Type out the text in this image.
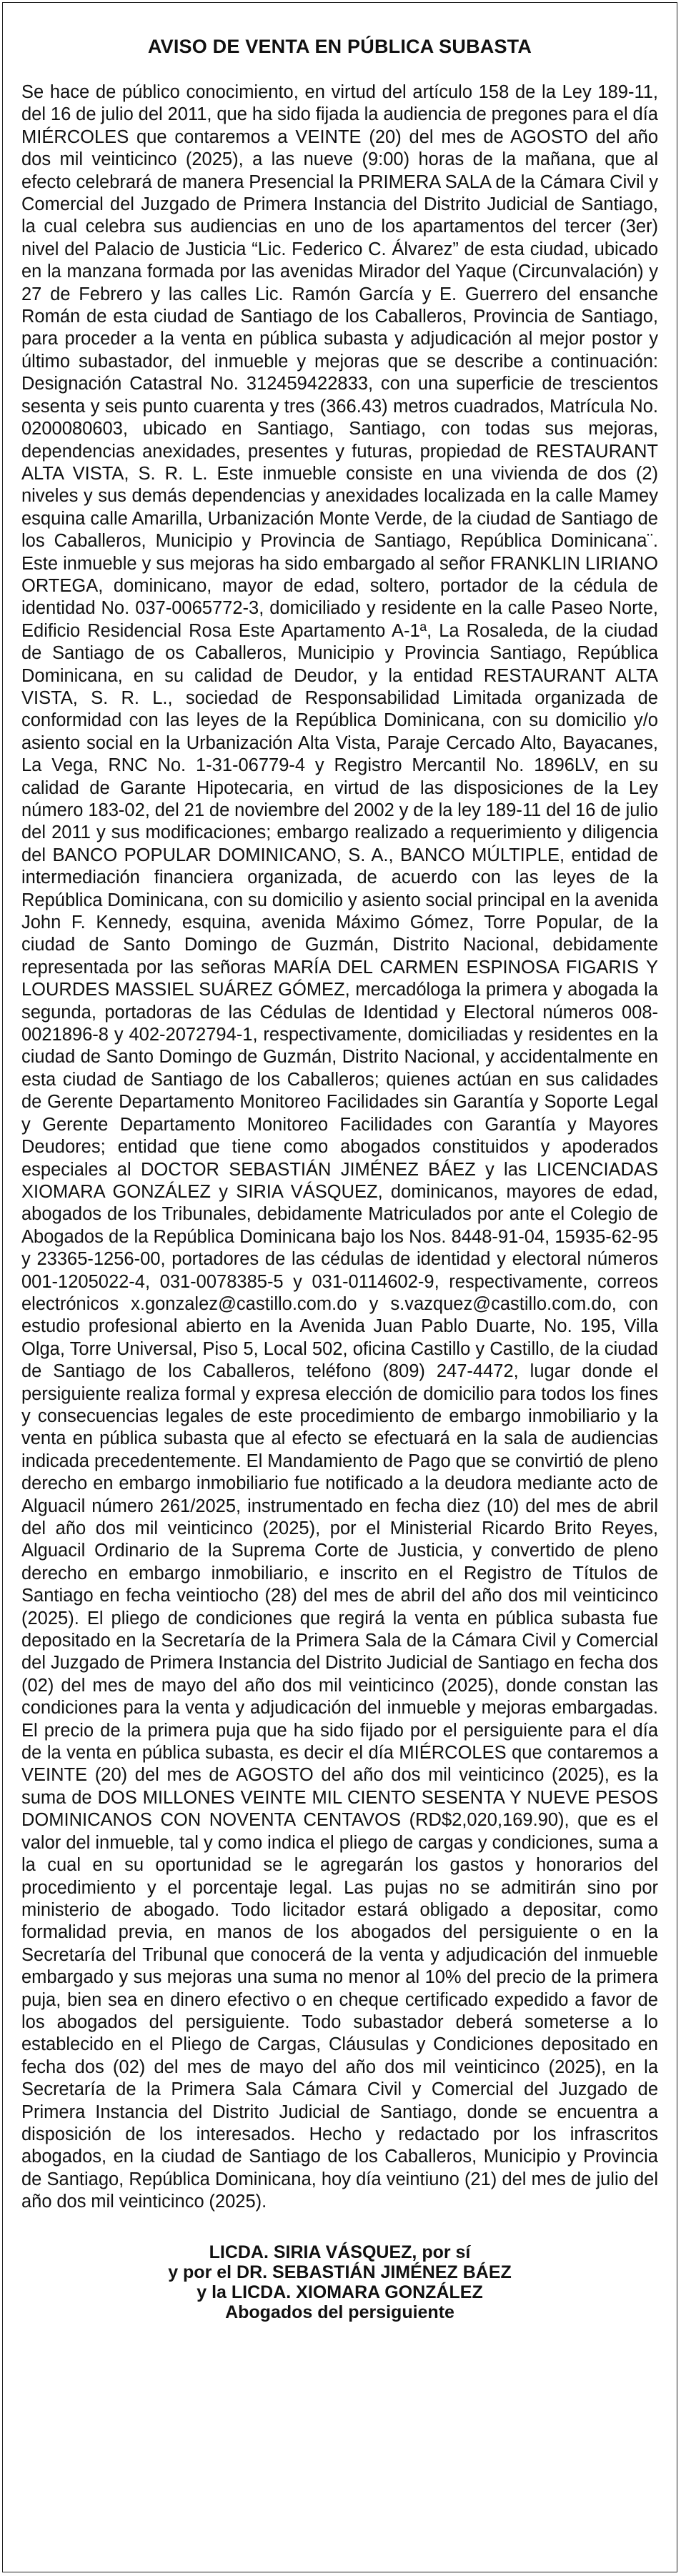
AVISO DE VENTA EN PÚBLICA SUBASTA

Se hace de público conocimiento, en virtud del artículo 158 de la Ley 189-11, del 16 de julio del 2011, que ha sido fijada la audiencia de pregones para el día MIÉRCOLES que contaremos a VEINTE (20) del mes de AGOSTO del año dos mil veinticinco (2025), a las nueve (9:00) horas de la mañana, que al efecto celebrará de manera Presencial la PRIMERA SALA de la Cámara Civil y Comercial del Juzgado de Primera Instancia del Distrito Judicial de Santiago, la cual celebra sus audiencias en uno de los apartamentos del tercer (3er) nivel del Palacio de Justicia “Lic. Federico C. Álvarez” de esta ciudad, ubicado en la manzana formada por las avenidas Mirador del Yaque (Circunvalación) y 27 de Febrero y las calles Lic. Ramón García y E. Guerrero del ensanche Román de esta ciudad de Santiago de los Caballeros, Provincia de Santiago, para proceder a la venta en pública subasta y adjudicación al mejor postor y último subastador, del inmueble y mejoras que se describe a continuación: Designación Catastral No. 312459422833, con una superficie de trescientos sesenta y seis punto cuarenta y tres (366.43) metros cuadrados, Matrícula No. 0200080603, ubicado en Santiago, Santiago, con todas sus mejoras, dependencias anexidades, presentes y futuras, propiedad de RESTAURANT ALTA VISTA, S. R. L. Este inmueble consiste en una vivienda de dos (2) niveles y sus demás dependencias y anexidades localizada en la calle Mamey esquina calle Amarilla, Urbanización Monte Verde, de la ciudad de Santiago de los Caballeros, Municipio y Provincia de Santiago, República Dominicana¨. Este inmueble y sus mejoras ha sido embargado al señor FRANKLIN LIRIANO ORTEGA, dominicano, mayor de edad, soltero, portador de la cédula de identidad No. 037-0065772-3, domiciliado y residente en la calle Paseo Norte, Edificio Residencial Rosa Este Apartamento A-1ª, La Rosaleda, de la ciudad de Santiago de os Caballeros, Municipio y Provincia Santiago, República Dominicana, en su calidad de Deudor, y la entidad RESTAURANT ALTA VISTA, S. R. L., sociedad de Responsabilidad Limitada organizada de conformidad con las leyes de la República Dominicana, con su domicilio y/o asiento social en la Urbanización Alta Vista, Paraje Cercado Alto, Bayacanes, La Vega, RNC No. 1-31-06779-4 y Registro Mercantil No. 1896LV, en su calidad de Garante Hipotecaria, en virtud de las disposiciones de la Ley número 183-02, del 21 de noviembre del 2002 y de la ley 189-11 del 16 de julio del 2011 y sus modificaciones; embargo realizado a requerimiento y diligencia del BANCO POPULAR DOMINICANO, S. A., BANCO MÚLTIPLE, entidad de intermediación financiera organizada, de acuerdo con las leyes de la República Dominicana, con su domicilio y asiento social principal en la avenida John F. Kennedy, esquina, avenida Máximo Gómez, Torre Popular, de la ciudad de Santo Domingo de Guzmán, Distrito Nacional, debidamente representada por las señoras MARÍA DEL CARMEN ESPINOSA FIGARIS Y LOURDES MASSIEL SUÁREZ GÓMEZ, mercadóloga la primera y abogada la segunda, portadoras de las Cédulas de Identidad y Electoral números 008-0021896-8 y 402-2072794-1, respectivamente, domiciliadas y residentes en la ciudad de Santo Domingo de Guzmán, Distrito Nacional, y accidentalmente en esta ciudad de Santiago de los Caballeros; quienes actúan en sus calidades de Gerente Departamento Monitoreo Facilidades sin Garantía y Soporte Legal y Gerente Departamento Monitoreo Facilidades con Garantía y Mayores Deudores; entidad que tiene como abogados constituidos y apoderados especiales al DOCTOR SEBASTIÁN JIMÉNEZ BÁEZ y las LICENCIADAS XIOMARA GONZÁLEZ y SIRIA VÁSQUEZ, dominicanos, mayores de edad, abogados de los Tribunales, debidamente Matriculados por ante el Colegio de Abogados de la República Dominicana bajo los Nos. 8448-91-04, 15935-62-95 y 23365-1256-00, portadores de las cédulas de identidad y electoral números 001-1205022-4, 031-0078385-5 y 031-0114602-9, respectivamente, correos electrónicos x.gonzalez@castillo.com.do y s.vazquez@castillo.com.do, con estudio profesional abierto en la Avenida Juan Pablo Duarte, No. 195, Villa Olga, Torre Universal, Piso 5, Local 502, oficina Castillo y Castillo, de la ciudad de Santiago de los Caballeros, teléfono (809) 247-4472, lugar donde el persiguiente realiza formal y expresa elección de domicilio para todos los fines y consecuencias legales de este procedimiento de embargo inmobiliario y la venta en pública subasta que al efecto se efectuará en la sala de audiencias indicada precedentemente. El Mandamiento de Pago que se convirtió de pleno derecho en embargo inmobiliario fue notificado a la deudora mediante acto de Alguacil número 261/2025, instrumentado en fecha diez (10) del mes de abril del año dos mil veinticinco (2025), por el Ministerial Ricardo Brito Reyes, Alguacil Ordinario de la Suprema Corte de Justicia, y convertido de pleno derecho en embargo inmobiliario, e inscrito en el Registro de Títulos de Santiago en fecha veintiocho (28) del mes de abril del año dos mil veinticinco (2025). El pliego de condiciones que regirá la venta en pública subasta fue depositado en la Secretaría de la Primera Sala de la Cámara Civil y Comercial del Juzgado de Primera Instancia del Distrito Judicial de Santiago en fecha dos (02) del mes de mayo del año dos mil veinticinco (2025), donde constan las condiciones para la venta y adjudicación del inmueble y mejoras embargadas. El precio de la primera puja que ha sido fijado por el persiguiente para el día de la venta en pública subasta, es decir el día MIÉRCOLES que contaremos a VEINTE (20) del mes de AGOSTO del año dos mil veinticinco (2025), es la suma de DOS MILLONES VEINTE MIL CIENTO SESENTA Y NUEVE PESOS DOMINICANOS CON NOVENTA CENTAVOS (RD$2,020,169.90), que es el valor del inmueble, tal y como indica el pliego de cargas y condiciones, suma a la cual en su oportunidad se le agregarán los gastos y honorarios del procedimiento y el porcentaje legal. Las pujas no se admitirán sino por ministerio de abogado. Todo licitador estará obligado a depositar, como formalidad previa, en manos de los abogados del persiguiente o en la Secretaría del Tribunal que conocerá de la venta y adjudicación del inmueble embargado y sus mejoras una suma no menor al 10% del precio de la primera puja, bien sea en dinero efectivo o en cheque certificado expedido a favor de los abogados del persiguiente. Todo subastador deberá someterse a lo establecido en el Pliego de Cargas, Cláusulas y Condiciones depositado en fecha dos (02) del mes de mayo del año dos mil veinticinco (2025), en la Secretaría de la Primera Sala Cámara Civil y Comercial del Juzgado de Primera Instancia del Distrito Judicial de Santiago, donde se encuentra a disposición de los interesados. Hecho y redactado por los infrascritos abogados, en la ciudad de Santiago de los Caballeros, Municipio y Provincia de Santiago, República Dominicana, hoy día veintiuno (21) del mes de julio del año dos mil veinticinco (2025).

LICDA. SIRIA VÁSQUEZ, por sí
y por el DR. SEBASTIÁN JIMÉNEZ BÁEZ
y la LICDA. XIOMARA GONZÁLEZ
Abogados del persiguiente
